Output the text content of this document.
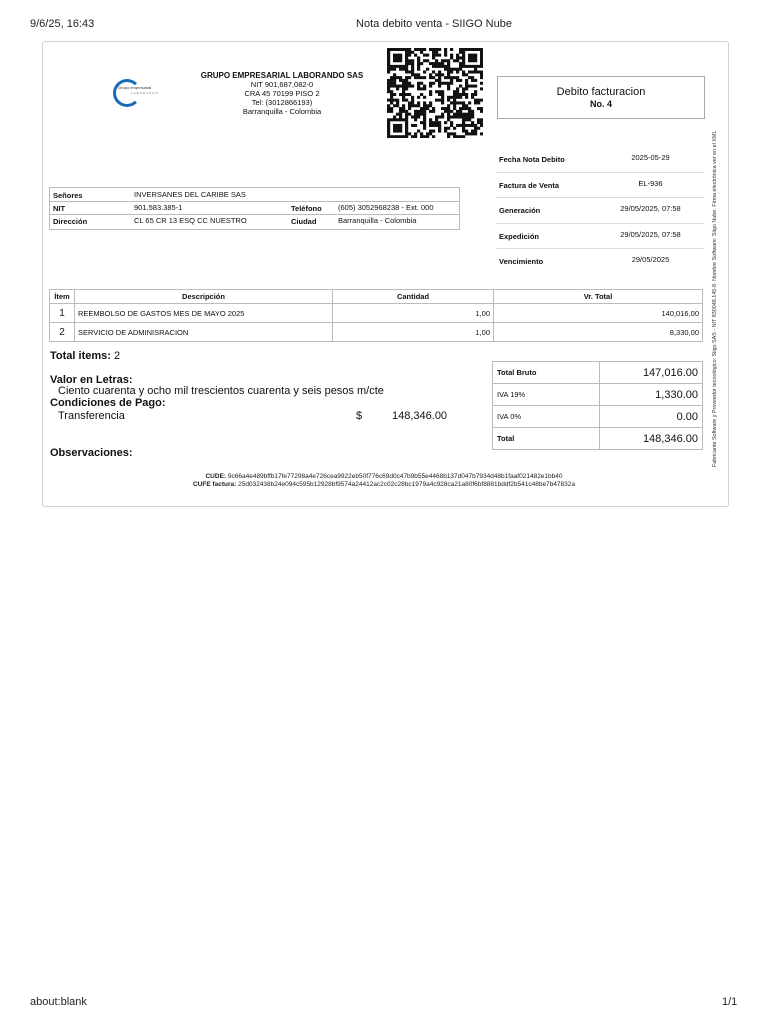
9/6/25, 16:43	Nota debito venta - SIIGO Nube
Grupo empresarial
LABORANDO
GRUPO EMPRESARIAL LABORANDO SAS
NIT 901,687,082-0
CRA 45 70199 PISO 2
Tel: (3012866193)
Barranquilla - Colombia
Debito facturacion
No. 4
Fecha Nota Debito	2025-05-29
Factura de Venta	EL-936
Generación	29/05/2025, 07:58
Expedición	29/05/2025, 07:58
Vencimiento	29/05/2025
Señores	INVERSANES DEL CARIBE SAS
NIT	901.583.385-1	Teléfono (605) 3052968238 - Ext. 000
Dirección	CL 65 CR 13 ESQ CC NUESTRO	Ciudad	Barranquilla - Colombia
Ítem	Descripción	Cantidad	Vr. Total
1	REEMBOLSO DE GASTOS MES DE MAYO 2025	1,00	140,016,00
2	SERVICIO DE ADMINISRACION	1,00	8,330,00
Total items: 2
Valor en Letras:
Ciento cuarenta y ocho mil trescientos cuarenta y seis pesos m/cte
Condiciones de Pago:
Transferencia	$	148,346.00
Observaciones:
Total Bruto	147,016.00
IVA 19%	1,330.00
IVA 0%	0.00
Total	148,346.00
CUDE: 9c66a4e489bffb17fe77298a4e726cea9922eb50f776c69d0c47b9b55e4468b137d047b7934d48b1faaf021482e1bb40
CUFE factura: 25d032438b24e094c595b12928bf9574a24412ac2c02c28bc1979a4c928ca21a80f6bf8881bddf2b541c48be7b47832a
Fabricante Software y Proveedor tecnológico: Siigo SAS - NIT 830048.145-8. Nombre Software: Siigo Nube. Firma electrónica ver en el XML
about:blank	1/1
